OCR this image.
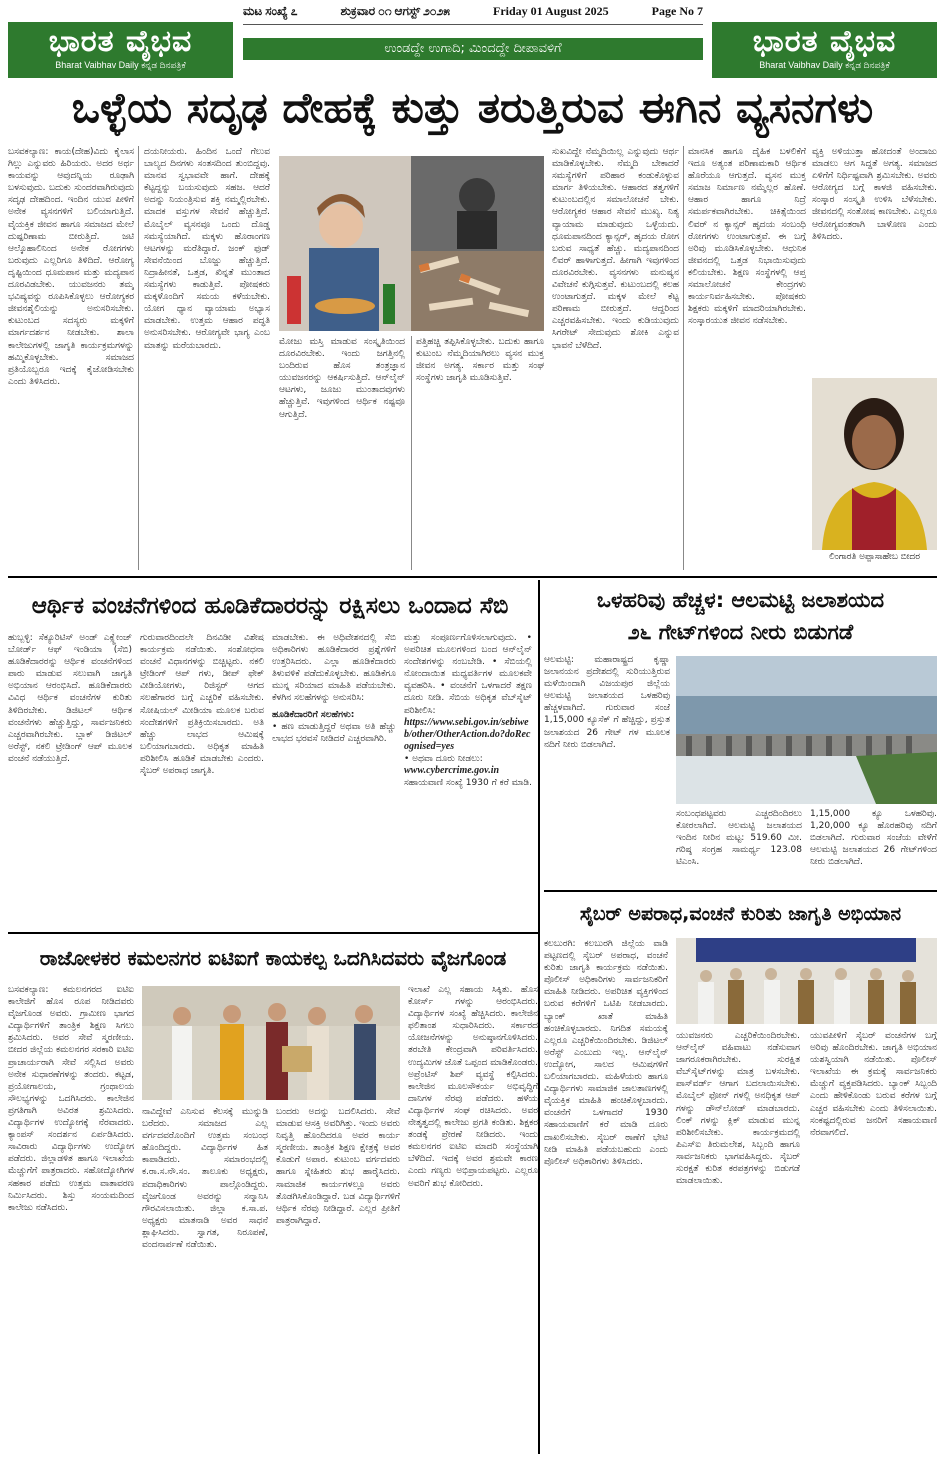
ಭಾರತ ವೈಭವ
Bharat Vaibhav Daily ಕನ್ನಡ ದಿನಪತ್ರಿಕೆ
ಭಾರತ ವೈಭವ
Bharat Vaibhav Daily ಕನ್ನಡ ದಿನಪತ್ರಿಕೆ
ಮಟ ಸಂಖ್ಯೆ ೭	ಶುಕ್ರವಾರ ೦೧ ಆಗಸ್ಟ್ ೨೦೨೫	Friday 01 August 2025	Page No 7
ಉಂಡದ್ದೇ ಉಗಾದಿ; ಮಿಂದದ್ದೇ ದೀಪಾವಳಿಗೆ
ಒಳ್ಳೆಯ ಸದೃಢ ದೇಹಕ್ಕೆ ಕುತ್ತು ತರುತ್ತಿರುವ ಈಗಿನ ವ್ಯಸನಗಳು
ಬಸವಕಲ್ಯಾಣ: ಕಾಯ(ದೇಹ)ವಿದು ಕೈಲಾಸ ಗಿಲ್ಲು ಎನ್ನುವರು ಹಿರಿಯರು. ಅದರ ಅರ್ಥ ಕಾಯವನ್ನು ಆವುದನ್ನಿಯ ರೂಢಾಗಿ ಬಳಸುವುದು. ಬದುಕು ಸುಂದರವಾಗಿರುವುದು ಸದೃಢ ದೇಹದಿಂದ. ಇಂದಿನ ಯುವ ಪೀಳಿಗೆ ಅನೇಕ ವ್ಯಸನಗಳಿಗೆ ಬಲಿಯಾಗುತ್ತಿದೆ. ವೈಯಕ್ತಿಕ ಜೀವನ ಹಾಗೂ ಸಮಾಜದ ಮೇಲೆ ದುಷ್ಪರಿಣಾಮ ಬೀರುತ್ತಿದೆ. ಜಟಿ ಆಲ್ಕೊಹಾಲಿನಿಂದ ಅನೇಕ ರೋಗಗಳು ಬರುವುದು ಎಲ್ಲರಿಗೂ ತಿಳಿದಿದೆ. ಆರೋಗ್ಯ ದೃಷ್ಟಿಯಿಂದ ಧೂಮಪಾನ ಮತ್ತು ಮದ್ಯಪಾನ ದೂರವಿಡಬೇಕು. ಯುವಜನರು ತಮ್ಮ ಭವಿಷ್ಯವನ್ನು ರೂಪಿಸಿಕೊಳ್ಳಲು ಆರೋಗ್ಯಕರ ಜೀವನಶೈಲಿಯನ್ನು ಅನುಸರಿಸಬೇಕು. ಕುಟುಂಬದ ಸದಸ್ಯರು ಮಕ್ಕಳಿಗೆ ಮಾರ್ಗದರ್ಶನ ನೀಡಬೇಕು. ಶಾಲಾ ಕಾಲೇಜುಗಳಲ್ಲಿ ಜಾಗೃತಿ ಕಾರ್ಯಕ್ರಮಗಳನ್ನು ಹಮ್ಮಿಕೊಳ್ಳಬೇಕು. ಸಮಾಜದ ಪ್ರತಿಯೊಬ್ಬರೂ ಇದಕ್ಕೆ ಕೈಜೋಡಿಸಬೇಕು ಎಂದು ತಿಳಿಸಿದರು.
ದಯನೀಯರು. ಹಿಂದಿನ ಒಂದೆ ಗೆಲುವ ಬಾಲ್ಯದ ದಿನಗಳು ಸಂತಸದಿಂದ ತುಂಬಿದ್ದವು. ಮಾನವ ಸ್ವಭಾವವೇ ಹಾಗೆ. ದೇಹಕ್ಕೆ ಕೆಟ್ಟದ್ದನ್ನು ಬಯಸುವುದು ಸಹಜ. ಆದರೆ ಅದನ್ನು ನಿಯಂತ್ರಿಸುವ ಶಕ್ತಿ ನಮ್ಮಲ್ಲಿರಬೇಕು. ಮಾದಕ ವಸ್ತುಗಳ ಸೇವನೆ ಹೆಚ್ಚುತ್ತಿದೆ. ಮೊಬೈಲ್ ವ್ಯಸನವೂ ಒಂದು ದೊಡ್ಡ ಸಮಸ್ಯೆಯಾಗಿದೆ. ಮಕ್ಕಳು ಹೊರಾಂಗಣ ಆಟಗಳನ್ನು ಮರೆತಿದ್ದಾರೆ. ಜಂಕ್ ಫುಡ್ ಸೇವನೆಯಿಂದ ಬೊಜ್ಜು ಹೆಚ್ಚುತ್ತಿದೆ. ನಿದ್ರಾಹೀನತೆ, ಒತ್ತಡ, ಖಿನ್ನತೆ ಮುಂತಾದ ಸಮಸ್ಯೆಗಳು ಕಾಡುತ್ತಿವೆ. ಪೋಷಕರು ಮಕ್ಕಳೊಂದಿಗೆ ಸಮಯ ಕಳೆಯಬೇಕು. ಯೋಗ ಧ್ಯಾನ ವ್ಯಾಯಾಮ ಅಭ್ಯಾಸ ಮಾಡಬೇಕು. ಉತ್ತಮ ಆಹಾರ ಪದ್ಧತಿ ಅನುಸರಿಸಬೇಕು. ಆರೋಗ್ಯವೇ ಭಾಗ್ಯ ಎಂಬ ಮಾತನ್ನು ಮರೆಯಬಾರದು.	ಮೋಜು ಮಸ್ತಿ ಮಾಡುವ ಸಂಸ್ಕೃತಿಯಿಂದ ದೂರವಿರಬೇಕು. ಇಂದು ಜಗತ್ತಿನಲ್ಲಿ ಬಂದಿರುವ ಹೊಸ ತಂತ್ರಜ್ಞಾನ ಯುವಜನರನ್ನು ಆಕರ್ಷಿಸುತ್ತಿದೆ. ಆನ್‌ಲೈನ್ ಆಟಗಳು, ಜೂಜು ಮುಂತಾದವುಗಳು ಹೆಚ್ಚುತ್ತಿವೆ. ಇವುಗಳಿಂದ ಆರ್ಥಿಕ ನಷ್ಟವೂ ಆಗುತ್ತಿದೆ.
ಪತ್ತಿಹಚ್ಚಿ ತಪ್ಪಿಸಿಕೊಳ್ಳಬೇಕು. ಬದುಕು ಹಾಗೂ ಕುಟುಂಬ ನೆಮ್ಮದಿಯಾಗಿರಲು ವ್ಯಸನ ಮುಕ್ತ ಜೀವನ ಅಗತ್ಯ. ಸರ್ಕಾರ ಮತ್ತು ಸಂಘ ಸಂಸ್ಥೆಗಳು ಜಾಗೃತಿ ಮೂಡಿಸುತ್ತಿವೆ.
ಸುಖವಿದ್ದೇ ನೆಮ್ಮದಿಯಿಲ್ಲ ಎನ್ನುವುದು ಆರ್ಥ ಮಾಡಿಕೊಳ್ಳಬೇಕು. ನೆಮ್ಮದಿ ಬೇಕಾದರೆ ಸಮಸ್ಯೆಗಳಿಗೆ ಪರಿಹಾರ ಕಂಡುಕೊಳ್ಳುವ ಮಾರ್ಗ ತಿಳಿಯಬೇಕು. ಆಹಾರದ ತತ್ವಗಳಿಗೆ ಕುಟುಂಬದಲ್ಲಿನ ಸಮಾಲೋಚನೆ ಬೇಕು. ಆರೋಗ್ಯಕರ ಆಹಾರ ಸೇವನೆ ಮುಖ್ಯ. ನಿತ್ಯ ವ್ಯಾಯಾಮ ಮಾಡುವುದು ಒಳ್ಳೆಯದು. ಧೂಮಪಾನದಿಂದ ಕ್ಯಾನ್ಸರ್, ಹೃದಯ ರೋಗ ಬರುವ ಸಾಧ್ಯತೆ ಹೆಚ್ಚು. ಮದ್ಯಪಾನದಿಂದ ಲಿವರ್ ಹಾಳಾಗುತ್ತದೆ. ಹೀಗಾಗಿ ಇವುಗಳಿಂದ ದೂರವಿರಬೇಕು. ವ್ಯಸನಗಳು ಮನುಷ್ಯನ ವಿವೇಚನೆ ಕುಗ್ಗಿಸುತ್ತವೆ. ಕುಟುಂಬದಲ್ಲಿ ಕಲಹ ಉಂಟಾಗುತ್ತದೆ. ಮಕ್ಕಳ ಮೇಲೆ ಕೆಟ್ಟ ಪರಿಣಾಮ ಬೀರುತ್ತದೆ. ಆದ್ದರಿಂದ ಎಚ್ಚರವಹಿಸಬೇಕು. ಇಂದು ಕುಡಿಯುವುದು ಸಿಗರೇಟ್ ಸೇದುವುದು ಶೋಕಿ ಎನ್ನುವ ಭಾವನೆ ಬೆಳೆದಿದೆ.
ಮಾನಸಿಕ ಹಾಗೂ ದೈಹಿಕ ಬಳಲಿಕೆಗೆ ಇದೂ ಅತ್ಯಂತ ಪರಿಣಾಮಕಾರಿ ಆರ್ಥಿಕ ಹೊರೆಯೂ ಆಗುತ್ತದೆ. ವ್ಯಸನ ಮುಕ್ತ ಸಮಾಜ ನಿರ್ಮಾಣ ನಮ್ಮೆಲ್ಲರ ಹೊಣೆ. ಆಹಾರ ಹಾಗೂ ನಿದ್ರೆ ಸಮರ್ಪಕವಾಗಿರಬೇಕು. ಚಿಕಿತ್ಸೆಯಿಂದ ಲಿವರ್ ನ ಕ್ಯಾನ್ಸರ್ ಹೃದಯ ಸಂಬಂಧಿ ರೋಗಗಳು ಉಂಟಾಗುತ್ತವೆ. ಈ ಬಗ್ಗೆ ಅರಿವು ಮೂಡಿಸಿಕೊಳ್ಳಬೇಕು. ಆಧುನಿಕ ಜೀವನದಲ್ಲಿ ಒತ್ತಡ ನಿಭಾಯಿಸುವುದು ಕಲಿಯಬೇಕು. ಶಿಕ್ಷಣ ಸಂಸ್ಥೆಗಳಲ್ಲಿ ಆಪ್ತ ಸಮಾಲೋಚನೆ ಕೇಂದ್ರಗಳು ಕಾರ್ಯನಿರ್ವಹಿಸಬೇಕು. ಪೋಷಕರು ಶಿಕ್ಷಕರು ಮಕ್ಕಳಿಗೆ ಮಾದರಿಯಾಗಿರಬೇಕು. ಸಂಸ್ಕಾರಯುತ ಜೀವನ ನಡೆಸಬೇಕು.
ವ್ಯಕ್ತಿ ಅಳಿಯುತ್ತಾ ಹೋದಂತೆ ಅಂದಾಜು ಮಾಡಲು ಆಗ ಸಿದ್ದತೆ ಅಗತ್ಯ. ಸಮಾಜದ ಏಳಿಗೆಗೆ ನಿರ್ಧಿಷ್ಟವಾಗಿ ಶ್ರಮಿಸಬೇಕು. ಅವರು ಆರೋಗ್ಯದ ಬಗ್ಗೆ ಕಾಳಜಿ ವಹಿಸಬೇಕು. ಸಂಸ್ಕಾರ ಸಂಸ್ಕೃತಿ ಉಳಿಸಿ ಬೆಳೆಸಬೇಕು. ಜೀವನದಲ್ಲಿ ಸಂತೋಷ ಕಾಣಬೇಕು. ಎಲ್ಲರೂ ಆರೋಗ್ಯವಂತರಾಗಿ ಬಾಳೋಣ ಎಂದು ತಿಳಿಸಿದರು.
ಲಿಂಗಾರತಿ ಅಪ್ಪಾಸಾಹೇಬ ಬೀದರ
ಆರ್ಥಿಕ ವಂಚನೆಗಳಿಂದ ಹೂಡಿಕೆದಾರರನ್ನು ರಕ್ಷಿಸಲು ಒಂದಾದ ಸೆಬಿ
ಹುಬ್ಬಳ್ಳಿ: ಸೆಕ್ಯೂರಿಟಿಸ್ ಅಂಡ್ ಎಕ್ಸ್ಚೇಂಜ್ ಬೋರ್ಡ್ ಆಫ್ ಇಂಡಿಯಾ (ಸೆಬಿ) ಹೂಡಿಕೆದಾರರನ್ನು ಆರ್ಥಿಕ ವಂಚನೆಗಳಿಂದ ಪಾರು ಮಾಡುವ ಸಲುವಾಗಿ ಜಾಗೃತಿ ಅಭಿಯಾನ ಆರಂಭಿಸಿದೆ. ಹೂಡಿಕೆದಾರರು ವಿವಿಧ ಆರ್ಥಿಕ ವಂಚನೆಗಳ ಕುರಿತು ತಿಳಿದಿರಬೇಕು. ಡಿಜಿಟಲ್ ಆರ್ಥಿಕ ವಂಚನೆಗಳು ಹೆಚ್ಚುತ್ತಿದ್ದು, ಸಾರ್ವಜನಿಕರು ಎಚ್ಚರವಾಗಿರಬೇಕು. ಬ್ಲಾಕ್ ಡಿಜಿಟಲ್ ಅರೆಸ್ಟ್, ನಕಲಿ ಟ್ರೇಡಿಂಗ್ ಆಪ್ ಮೂಲಕ ವಂಚನೆ ನಡೆಯುತ್ತಿದೆ.
ಗುರುವಾರದಿಂದಲೇ ದಿನವಿಡೀ ವಿಶೇಷ ಕಾರ್ಯಕ್ರಮ ನಡೆಯಿತು. ಸಂಶೋಧನಾ ವಂಚನೆ ವಿಧಾನಗಳನ್ನು ಬಿಚ್ಚಿಟ್ಟರು. ನಕಲಿ ಟ್ರೇಡಿಂಗ್ ಆಪ್ ಗಳು, ಡೀಪ್ ಫೇಕ್ ವೀಡಿಯೋಗಳು, ರಿಜಿಸ್ಟರ್ ಆಗದ ಸಲಹೆಗಾರರ ಬಗ್ಗೆ ಎಚ್ಚರಿಕೆ ವಹಿಸಬೇಕು. ಸೋಷಿಯಲ್ ಮೀಡಿಯಾ ಮೂಲಕ ಬರುವ ಸಂದೇಶಗಳಿಗೆ ಪ್ರತಿಕ್ರಿಯಿಸಬಾರದು. ಅತಿ ಹೆಚ್ಚು ಲಾಭದ ಆಮಿಷಕ್ಕೆ ಬಲಿಯಾಗಬಾರದು. ಅಧಿಕೃತ ಮಾಹಿತಿ ಪರಿಶೀಲಿಸಿ ಹೂಡಿಕೆ ಮಾಡಬೇಕು ಎಂದರು. ಸೈಬರ್ ಅಪರಾಧ ಜಾಗೃತಿ.

ಮಾಡಬೇಕು. ಈ ಅಧಿವೇಶನದಲ್ಲಿ ಸೆಬಿ ಅಧಿಕಾರಿಗಳು ಹೂಡಿಕೆದಾರರ ಪ್ರಶ್ನೆಗಳಿಗೆ ಉತ್ತರಿಸಿದರು. ಎಲ್ಲಾ ಹೂಡಿಕೆದಾರರು ತಿಳುವಳಿಕೆ ಪಡೆದುಕೊಳ್ಳಬೇಕು. ಹೂಡಿಕೆಗೂ ಮುನ್ನ ಸರಿಯಾದ ಮಾಹಿತಿ ಪಡೆಯಬೇಕು. ಕೆಳಗಿನ ಸಲಹೆಗಳನ್ನು ಅನುಸರಿಸಿ:

ಹೂಡಿಕೆದಾರರಿಗೆ ಸಲಹೆಗಳು:

• ಹಣ ಮಾಡುತ್ತಿದ್ದರೆ ಅಥವಾ ಅತಿ ಹೆಚ್ಚು ಲಾಭದ ಭರವಸೆ ನೀಡಿದರೆ ಎಚ್ಚರವಾಗಿರಿ.

ಮತ್ತು ಸಂಪೂರ್ಣಗೊಳಿಸಲಾಗುವುದು. • ಅಪರಿಚಿತ ಮೂಲಗಳಿಂದ ಬಂದ ಆನ್‌ಲೈನ್ ಸಂದೇಶಗಳನ್ನು ನಂಬಬೇಡಿ. • ಸೆಬಿಯಲ್ಲಿ ನೋಂದಾಯಿತ ಮಧ್ಯವರ್ತಿಗಳ ಮೂಲಕವೇ ವ್ಯವಹರಿಸಿ. • ವಂಚನೆಗೆ ಒಳಗಾದರೆ ತಕ್ಷಣ ದೂರು ನೀಡಿ. ಸೆಬಿಯ ಅಧಿಕೃತ ವೆಬ್‌ಸೈಟ್ ಪರಿಶೀಲಿಸಿ:

https://www.sebi.gov.in/sebiweb/other/OtherAction.do?doRecognised=yes

• ಅಥವಾ ದೂರು ನೀಡಲು:

www.cybercrime.gov.in

ಸಹಾಯವಾಣಿ ಸಂಖ್ಯೆ 1930 ಗೆ ಕರೆ ಮಾಡಿ.

ಒಳಹರಿವು ಹೆಚ್ಚಳ: ಆಲಮಟ್ಟಿ ಜಲಾಶಯದ
೨೬ ಗೇಟ್‌ಗಳಿಂದ ನೀರು ಬಿಡುಗಡೆ
ಆಲಮಟ್ಟಿ: ಮಹಾರಾಷ್ಟ್ರದ ಕೃಷ್ಣಾ ಜಲಾನಯನ ಪ್ರದೇಶದಲ್ಲಿ ಸುರಿಯುತ್ತಿರುವ ಮಳೆಯಿಂದಾಗಿ ವಿಜಯಪುರ ಜಿಲ್ಲೆಯ ಆಲಮಟ್ಟಿ ಜಲಾಶಯದ ಒಳಹರಿವು ಹೆಚ್ಚಳವಾಗಿದೆ. ಗುರುವಾರ ಸಂಜೆ 1,15,000 ಕ್ಯೂಸೆಕ್ ಗೆ ಹೆಚ್ಚಿದ್ದು, ಪ್ರಸ್ತುತ ಜಲಾಶಯದ 26 ಗೇಟ್ ಗಳ ಮೂಲಕ ನದಿಗೆ ನೀರು ಬಿಡಲಾಗಿದೆ.
ಸಂಬಂಧಪಟ್ಟವರು ಎಚ್ಚರದಿಂದಿರಲು ಕೋರಲಾಗಿದೆ. ಆಲಮಟ್ಟಿ ಜಲಾಶಯದ ಇಂದಿನ ನೀರಿನ ಮಟ್ಟ: 519.60 ಮೀ. ಗರಿಷ್ಠ ಸಂಗ್ರಹ ಸಾಮರ್ಥ್ಯ 123.08 ಟಿಎಂಸಿ.
1,15,000 ಕ್ಯೂ ಒಳಹರಿವು. 1,20,000 ಕ್ಯೂ ಹೊರಹರಿವು ನದಿಗೆ ಬಿಡಲಾಗಿದೆ. ಗುರುವಾರ ಸಂಜೆಯ ವೇಳೆಗೆ ಆಲಮಟ್ಟಿ ಜಲಾಶಯದ 26 ಗೇಟ್‌ಗಳಿಂದ ನೀರು ಬಿಡಲಾಗಿದೆ.
ಸೈಬರ್ ಅಪರಾಧ,ವಂಚನೆ ಕುರಿತು ಜಾಗೃತಿ ಅಭಿಯಾನ
ಕಲಬುರಗಿ: ಕಲಬುರಗಿ ಜಿಲ್ಲೆಯ ವಾಡಿ ಪಟ್ಟಣದಲ್ಲಿ ಸೈಬರ್ ಅಪರಾಧ, ವಂಚನೆ ಕುರಿತು ಜಾಗೃತಿ ಕಾರ್ಯಕ್ರಮ ನಡೆಯಿತು. ಪೊಲೀಸ್ ಅಧಿಕಾರಿಗಳು ಸಾರ್ವಜನಿಕರಿಗೆ ಮಾಹಿತಿ ನೀಡಿದರು. ಅಪರಿಚಿತ ವ್ಯಕ್ತಿಗಳಿಂದ ಬರುವ ಕರೆಗಳಿಗೆ ಒಟಿಪಿ ನೀಡಬಾರದು. ಬ್ಯಾಂಕ್ ಖಾತೆ ಮಾಹಿತಿ ಹಂಚಿಕೊಳ್ಳಬಾರದು. ನಿಗದಿತ ಸಮಯಕ್ಕೆ ಎಲ್ಲರೂ ಎಚ್ಚರಿಕೆಯಿಂದಿರಬೇಕು. ಡಿಜಿಟಲ್ ಅರೆಸ್ಟ್ ಎಂಬುದು ಇಲ್ಲ. ಆನ್‌ಲೈನ್ ಉದ್ಯೋಗ, ಸಾಲದ ಆಮಿಷಗಳಿಗೆ ಬಲಿಯಾಗಬಾರದು. ಮಹಿಳೆಯರು ಹಾಗೂ ವಿದ್ಯಾರ್ಥಿಗಳು ಸಾಮಾಜಿಕ ಜಾಲತಾಣಗಳಲ್ಲಿ ವೈಯಕ್ತಿಕ ಮಾಹಿತಿ ಹಂಚಿಕೊಳ್ಳಬಾರದು. ವಂಚನೆಗೆ ಒಳಗಾದರೆ 1930 ಸಹಾಯವಾಣಿಗೆ ಕರೆ ಮಾಡಿ ದೂರು ದಾಖಲಿಸಬೇಕು. ಸೈಬರ್ ಠಾಣೆಗೆ ಭೇಟಿ ನೀಡಿ ಮಾಹಿತಿ ಪಡೆಯಬಹುದು ಎಂದು ಪೊಲೀಸ್ ಅಧಿಕಾರಿಗಳು ತಿಳಿಸಿದರು.
ಯುವಜನರು ಎಚ್ಚರಿಕೆಯಿಂದಿರಬೇಕು. ಆನ್‌ಲೈನ್ ವಹಿವಾಟು ನಡೆಸುವಾಗ ಜಾಗರೂಕರಾಗಿರಬೇಕು. ಸುರಕ್ಷಿತ ವೆಬ್‌ಸೈಟ್‌ಗಳನ್ನು ಮಾತ್ರ ಬಳಸಬೇಕು. ಪಾಸ್‌ವರ್ಡ್ ಆಗಾಗ ಬದಲಾಯಿಸಬೇಕು. ಮೊಬೈಲ್ ಫೋನ್ ಗಳಲ್ಲಿ ಅನಧಿಕೃತ ಆಪ್ ಗಳನ್ನು ಡೌನ್‌ಲೋಡ್ ಮಾಡಬಾರದು. ಲಿಂಕ್ ಗಳನ್ನು ಕ್ಲಿಕ್ ಮಾಡುವ ಮುನ್ನ ಪರಿಶೀಲಿಸಬೇಕು. ಕಾರ್ಯಕ್ರಮದಲ್ಲಿ ಪಿಎಸ್ಐ ತಿರುಮಲೇಶ, ಸಿಬ್ಬಂದಿ ಹಾಗೂ ಸಾರ್ವಜನಿಕರು ಭಾಗವಹಿಸಿದ್ದರು. ಸೈಬರ್ ಸುರಕ್ಷತೆ ಕುರಿತ ಕರಪತ್ರಗಳನ್ನು ಬಿಡುಗಡೆ ಮಾಡಲಾಯಿತು.
ಯುವಪೀಳಿಗೆ ಸೈಬರ್ ವಂಚನೆಗಳ ಬಗ್ಗೆ ಅರಿವು ಹೊಂದಿರಬೇಕು. ಜಾಗೃತಿ ಅಭಿಯಾನ ಯಶಸ್ವಿಯಾಗಿ ನಡೆಯಿತು. ಪೊಲೀಸ್ ಇಲಾಖೆಯ ಈ ಕ್ರಮಕ್ಕೆ ಸಾರ್ವಜನಿಕರು ಮೆಚ್ಚುಗೆ ವ್ಯಕ್ತಪಡಿಸಿದರು. ಬ್ಯಾಂಕ್ ಸಿಬ್ಬಂದಿ ಎಂದು ಹೇಳಿಕೊಂಡು ಬರುವ ಕರೆಗಳ ಬಗ್ಗೆ ಎಚ್ಚರ ವಹಿಸಬೇಕು ಎಂದು ತಿಳಿಸಲಾಯಿತು. ಸಂಕಷ್ಟದಲ್ಲಿರುವ ಜನರಿಗೆ ಸಹಾಯವಾಣಿ ನೆರವಾಗಲಿದೆ.
ರಾಜೋಳಕರ ಕಮಲನಗರ ಐಟಿಐಗೆ ಕಾಯಕಲ್ಪ ಒದಗಿಸಿದವರು ವೈಜಗೊಂಡ
ಬಸವಕಲ್ಯಾಣ: ಕಮಲನಗರದ ಐಟಿಐ ಕಾಲೇಜಿಗೆ ಹೊಸ ರೂಪ ನೀಡಿದವರು ವೈಜಗೊಂಡ ಅವರು. ಗ್ರಾಮೀಣ ಭಾಗದ ವಿದ್ಯಾರ್ಥಿಗಳಿಗೆ ತಾಂತ್ರಿಕ ಶಿಕ್ಷಣ ಸಿಗಲು ಶ್ರಮಿಸಿದರು. ಅವರ ಸೇವೆ ಸ್ಮರಣೀಯ. ಬೀದರ ಜಿಲ್ಲೆಯ ಕಮಲನಗರ ಸರಕಾರಿ ಐಟಿಐ ಪ್ರಾಚಾರ್ಯರಾಗಿ ಸೇವೆ ಸಲ್ಲಿಸಿದ ಅವರು ಅನೇಕ ಸುಧಾರಣೆಗಳನ್ನು ತಂದರು. ಕಟ್ಟಡ, ಪ್ರಯೋಗಾಲಯ, ಗ್ರಂಥಾಲಯ ಸೌಲಭ್ಯಗಳನ್ನು ಒದಗಿಸಿದರು. ಕಾಲೇಜಿನ ಪ್ರಗತಿಗಾಗಿ ಅವಿರತ ಶ್ರಮಿಸಿದರು. ವಿದ್ಯಾರ್ಥಿಗಳ ಉದ್ಯೋಗಕ್ಕೆ ನೆರವಾದರು. ಕ್ಯಾಂಪಸ್ ಸಂದರ್ಶನ ಏರ್ಪಡಿಸಿದರು. ಸಾವಿರಾರು ವಿದ್ಯಾರ್ಥಿಗಳು ಉದ್ಯೋಗ ಪಡೆದರು. ಜಿಲ್ಲಾಡಳಿತ ಹಾಗೂ ಇಲಾಖೆಯ ಮೆಚ್ಚುಗೆಗೆ ಪಾತ್ರರಾದರು. ಸಹೋದ್ಯೋಗಿಗಳ ಸಹಕಾರ ಪಡೆದು ಉತ್ತಮ ವಾತಾವರಣ ನಿರ್ಮಿಸಿದರು. ಶಿಸ್ತು ಸಂಯಮದಿಂದ ಕಾಲೇಜು ನಡೆಸಿದರು.
ನಾವಿದ್ದೇವೆ ಎನಿಸುವ ಕೆಲಸಕ್ಕೆ ಮುನ್ನುಡಿ ಬರೆದರು. ಸಮಾಜದ ಎಲ್ಲ ವರ್ಗದವರೊಂದಿಗೆ ಉತ್ತಮ ಸಂಬಂಧ ಹೊಂದಿದ್ದರು. ವಿದ್ಯಾರ್ಥಿಗಳ ಹಿತ ಕಾಪಾಡಿದರು. ಸಮಾರಂಭದಲ್ಲಿ ಕ.ರಾ.ಸ.ನೌ.ಸಂ. ತಾಲೂಕು ಅಧ್ಯಕ್ಷರು, ಪದಾಧಿಕಾರಿಗಳು ಪಾಲ್ಗೊಂಡಿದ್ದರು. ವೈಜಗೊಂಡ ಅವರನ್ನು ಸನ್ಮಾನಿಸಿ ಗೌರವಿಸಲಾಯಿತು. ಜಿಲ್ಲಾ ಕ.ಸಾ.ಪ. ಅಧ್ಯಕ್ಷರು ಮಾತನಾಡಿ ಅವರ ಸಾಧನೆ ಶ್ಲಾಘಿಸಿದರು. ಸ್ವಾಗತ, ನಿರೂಪಣೆ, ವಂದನಾರ್ಪಣೆ ನಡೆಯಿತು.
ಬಂದರು ಅದನ್ನು ಬದಲಿಸಿದರು. ಸೇವೆ ಮಾಡುವ ಆಸಕ್ತಿ ಅವರಿಗಿತ್ತು. ಇಂದು ಅವರು ನಿವೃತ್ತಿ ಹೊಂದಿದರೂ ಅವರ ಕಾರ್ಯ ಸ್ಮರಣೀಯ. ತಾಂತ್ರಿಕ ಶಿಕ್ಷಣ ಕ್ಷೇತ್ರಕ್ಕೆ ಅವರ ಕೊಡುಗೆ ಅಪಾರ. ಕುಟುಂಬ ವರ್ಗದವರು ಹಾಗೂ ಸ್ನೇಹಿತರು ಶುಭ ಹಾರೈಸಿದರು. ಸಾಮಾಜಿಕ ಕಾರ್ಯಗಳಲ್ಲೂ ಅವರು ತೊಡಗಿಸಿಕೊಂಡಿದ್ದಾರೆ. ಬಡ ವಿದ್ಯಾರ್ಥಿಗಳಿಗೆ ಆರ್ಥಿಕ ನೆರವು ನೀಡಿದ್ದಾರೆ. ಎಲ್ಲರ ಪ್ರೀತಿಗೆ ಪಾತ್ರರಾಗಿದ್ದಾರೆ.
ಇಲಾಖೆ ಎಲ್ಲ ಸಹಾಯ ಸಿಕ್ಕಿತು. ಹೊಸ ಕೋರ್ಸ್ ಗಳನ್ನು ಆರಂಭಿಸಿದರು. ವಿದ್ಯಾರ್ಥಿಗಳ ಸಂಖ್ಯೆ ಹೆಚ್ಚಿಸಿದರು. ಕಾಲೇಜಿನ ಫಲಿತಾಂಶ ಸುಧಾರಿಸಿದರು. ಸರ್ಕಾರದ ಯೋಜನೆಗಳನ್ನು ಅನುಷ್ಠಾನಗೊಳಿಸಿದರು. ತರಬೇತಿ ಕೇಂದ್ರವಾಗಿ ಪರಿವರ್ತಿಸಿದರು. ಉದ್ಯಮಿಗಳ ಜೊತೆ ಒಪ್ಪಂದ ಮಾಡಿಕೊಂಡರು. ಅಪ್ರೆಂಟಿಸ್ ಶಿಪ್ ವ್ಯವಸ್ಥೆ ಕಲ್ಪಿಸಿದರು. ಕಾಲೇಜಿನ ಮೂಲಸೌಕರ್ಯ ಅಭಿವೃದ್ಧಿಗೆ ದಾನಿಗಳ ನೆರವು ಪಡೆದರು. ಹಳೆಯ ವಿದ್ಯಾರ್ಥಿಗಳ ಸಂಘ ರಚಿಸಿದರು. ಅವರ ನೇತೃತ್ವದಲ್ಲಿ ಕಾಲೇಜು ಪ್ರಗತಿ ಕಂಡಿತು. ಶಿಕ್ಷಕರ ತಂಡಕ್ಕೆ ಪ್ರೇರಣೆ ನೀಡಿದರು. ಇಂದು ಕಮಲನಗರ ಐಟಿಐ ಮಾದರಿ ಸಂಸ್ಥೆಯಾಗಿ ಬೆಳೆದಿದೆ. ಇದಕ್ಕೆ ಅವರ ಶ್ರಮವೇ ಕಾರಣ ಎಂದು ಗಣ್ಯರು ಅಭಿಪ್ರಾಯಪಟ್ಟರು. ಎಲ್ಲರೂ ಅವರಿಗೆ ಶುಭ ಕೋರಿದರು.
